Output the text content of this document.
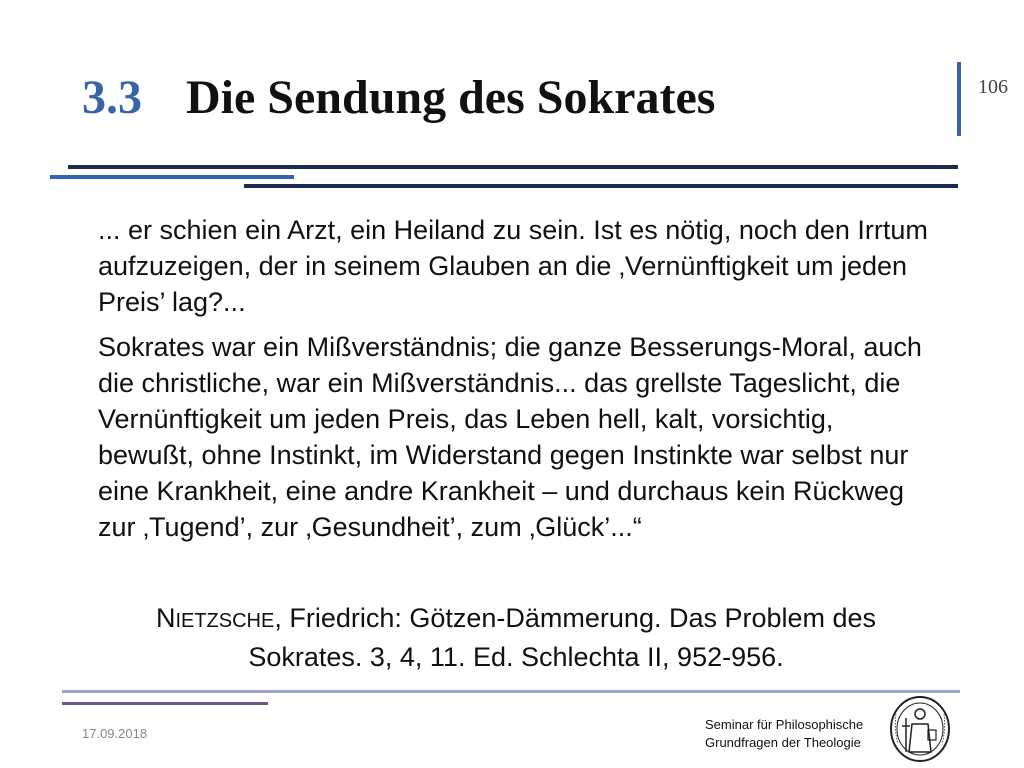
3.3 Die Sendung des Sokrates	106

... er schien ein Arzt, ein Heiland zu sein. Ist es nötig, noch den Irrtum aufzuzeigen, der in seinem Glauben an die ‚Vernünftigkeit um jeden Preis’ lag?...

Sokrates war ein Mißverständnis; die ganze Besserungs-Moral, auch die christliche, war ein Mißverständnis... das grellste Tageslicht, die Vernünftigkeit um jeden Preis, das Leben hell, kalt, vorsichtig, bewußt, ohne Instinkt, im Widerstand gegen Instinkte war selbst nur eine Krankheit, eine andre Krankheit – und durchaus kein Rückweg zur ‚Tugend’, zur ‚Gesundheit’, zum ‚Glück’...“

NIETZSCHE, Friedrich: Götzen-Dämmerung. Das Problem des Sokrates. 3, 4, 11. Ed. Schlechta II, 952-956.
17.09.2018
Seminar für Philosophische
Grundfragen der Theologie
